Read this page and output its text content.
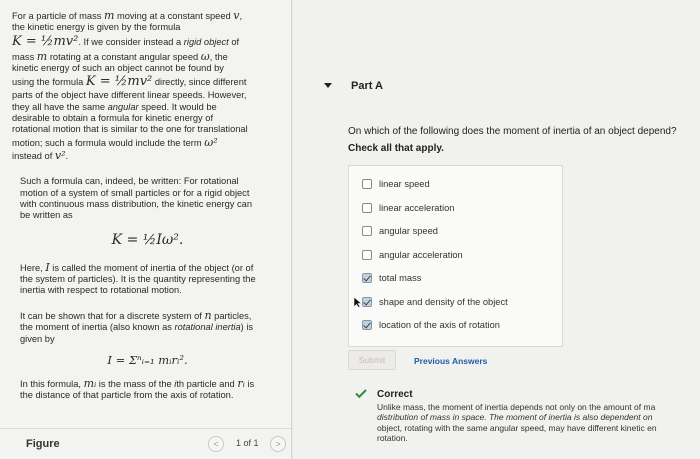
For a particle of mass m moving at a constant speed v,
the kinetic energy is given by the formula
K = ½mv². If we consider instead a rigid object of
mass m rotating at a constant angular speed ω, the
kinetic energy of such an object cannot be found by
using the formula K = ½mv² directly, since different
parts of the object have different linear speeds. However,
they all have the same angular speed. It would be
desirable to obtain a formula for kinetic energy of
rotational motion that is similar to the one for translational
motion; such a formula would include the term ω²
instead of v².

Such a formula can, indeed, be written: For rotational
motion of a system of small particles or for a rigid object
with continuous mass distribution, the kinetic energy can
be written as

K = ½Iω².

Here, I is called the moment of inertia of the object (or of
the system of particles). It is the quantity representing the
inertia with respect to rotational motion.

It can be shown that for a discrete system of n particles,
the moment of inertia (also known as rotational inertia) is
given by

I = Σⁿᵢ₌₁ mᵢrᵢ².

In this formula, mᵢ is the mass of the ith particle and rᵢ is
the distance of that particle from the axis of rotation.

Figure	<	1 of 1	>
Part A
On which of the following does the moment of inertia of an object depend?
Check all that apply.
linear speed
linear acceleration
angular speed
angular acceleration
total mass
shape and density of the object
location of the axis of rotation
Submit	Previous Answers
Correct
Unlike mass, the moment of inertia depends not only on the amount of ma
distribution of mass in space. The moment of inertia is also dependent on
object, rotating with the same angular speed, may have different kinetic en
rotation.
